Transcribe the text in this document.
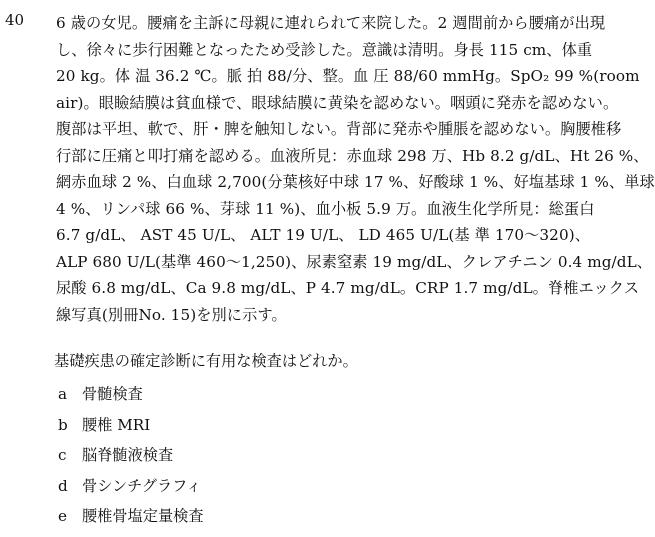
40	6 歳の女児。腰痛を主訴に母親に連れられて来院した。2 週間前から腰痛が出現
し、徐々に歩行困難となったため受診した。意識は清明。身長 115 cm、体重
20 kg。体 温 36.2 ℃。脈 拍 88/分、整。血 圧 88/60 mmHg。SpO₂ 99 %(room
air)。眼瞼結膜は貧血様で、眼球結膜に黄染を認めない。咽頭に発赤を認めない。
腹部は平坦、軟で、肝・脾を触知しない。背部に発赤や腫脹を認めない。胸腰椎移
行部に圧痛と叩打痛を認める。血液所見：赤血球 298 万、Hb 8.2 g/dL、Ht 26 %、
網赤血球 2 %、白血球 2,700(分葉核好中球 17 %、好酸球 1 %、好塩基球 1 %、単球
4 %、リンパ球 66 %、芽球 11 %)、血小板 5.9 万。血液生化学所見：総蛋白
6.7 g/dL、 AST 45 U/L、 ALT 19 U/L、 LD 465 U/L(基 準 170〜320)、
ALP 680 U/L(基準 460〜1,250)、尿素窒素 19 mg/dL、クレアチニン 0.4 mg/dL、
尿酸 6.8 mg/dL、Ca 9.8 mg/dL、P 4.7 mg/dL。CRP 1.7 mg/dL。脊椎エックス
線写真(別冊No. 15)を別に示す。
基礎疾患の確定診断に有用な検査はどれか。
a 骨髄検査
b 腰椎 MRI
c 脳脊髄液検査
d 骨シンチグラフィ
e 腰椎骨塩定量検査
